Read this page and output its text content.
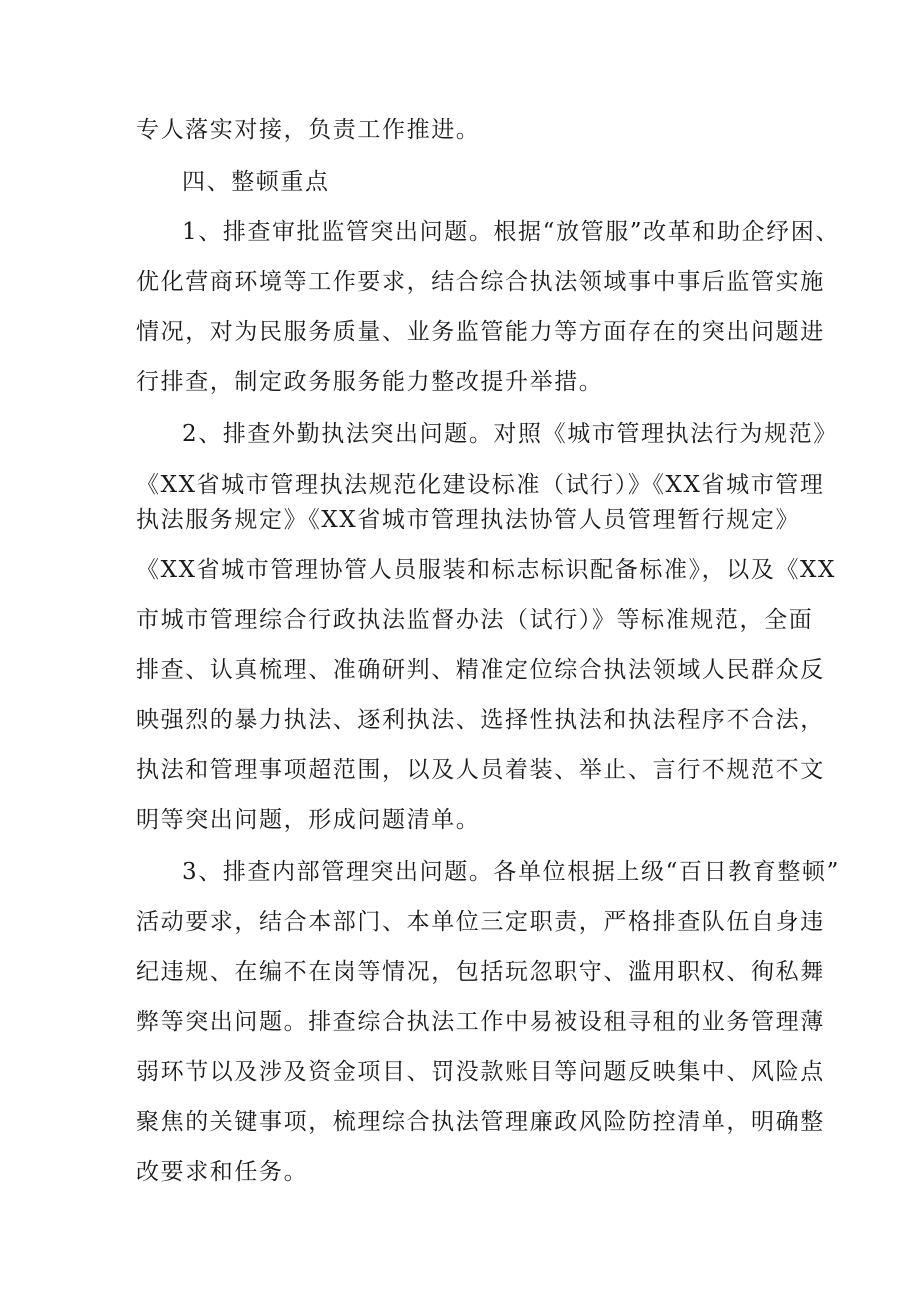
专人落实对接，负责工作推进。
四、整顿重点
1、排查审批监管突出问题。根据“放管服”改革和助企纾困、
优化营商环境等工作要求，结合综合执法领域事中事后监管实施
情况，对为民服务质量、业务监管能力等方面存在的突出问题进
行排查，制定政务服务能力整改提升举措。
2、排查外勤执法突出问题。对照《城市管理执法行为规范》
《XX省城市管理执法规范化建设标准（试行）》《XX省城市管理
执法服务规定》《XX省城市管理执法协管人员管理暂行规定》
《XX省城市管理协管人员服装和标志标识配备标准》，以及《XX
市城市管理综合行政执法监督办法（试行）》等标准规范，全面
排查、认真梳理、准确研判、精准定位综合执法领域人民群众反
映强烈的暴力执法、逐利执法、选择性执法和执法程序不合法，
执法和管理事项超范围，以及人员着装、举止、言行不规范不文
明等突出问题，形成问题清单。
3、排查内部管理突出问题。各单位根据上级“百日教育整顿”
活动要求，结合本部门、本单位三定职责，严格排查队伍自身违
纪违规、在编不在岗等情况，包括玩忽职守、滥用职权、徇私舞
弊等突出问题。排查综合执法工作中易被设租寻租的业务管理薄
弱环节以及涉及资金项目、罚没款账目等问题反映集中、风险点
聚焦的关键事项，梳理综合执法管理廉政风险防控清单，明确整
改要求和任务。
